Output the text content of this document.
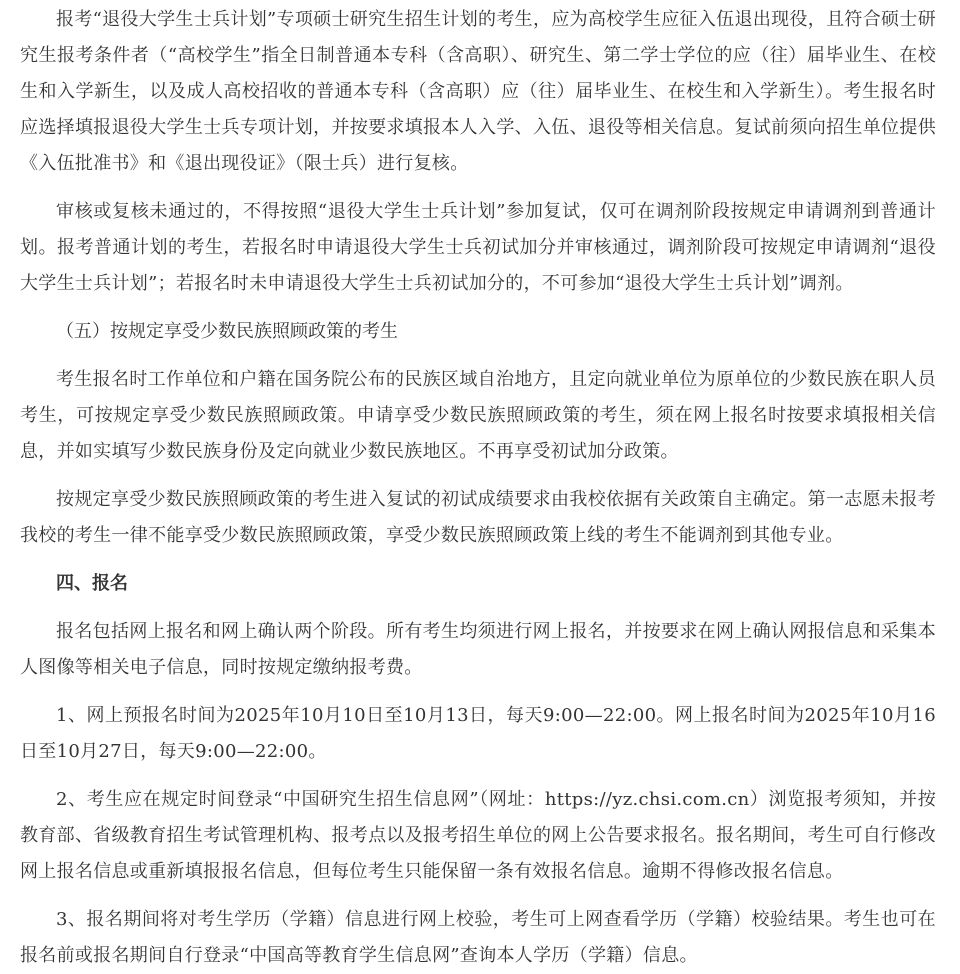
报考“退役大学生士兵计划”专项硕士研究生招生计划的考生，应为高校学生应征入伍退出现役，且符合硕士研究生报考条件者（“高校学生”指全日制普通本专科（含高职）、研究生、第二学士学位的应（往）届毕业生、在校生和入学新生，以及成人高校招收的普通本专科（含高职）应（往）届毕业生、在校生和入学新生）。考生报名时应选择填报退役大学生士兵专项计划，并按要求填报本人入学、入伍、退役等相关信息。复试前须向招生单位提供《入伍批准书》和《退出现役证》（限士兵）进行复核。

审核或复核未通过的，不得按照“退役大学生士兵计划”参加复试，仅可在调剂阶段按规定申请调剂到普通计划。报考普通计划的考生，若报名时申请退役大学生士兵初试加分并审核通过，调剂阶段可按规定申请调剂“退役大学生士兵计划”；若报名时未申请退役大学生士兵初试加分的，不可参加“退役大学生士兵计划”调剂。

（五）按规定享受少数民族照顾政策的考生

考生报名时工作单位和户籍在国务院公布的民族区域自治地方，且定向就业单位为原单位的少数民族在职人员考生，可按规定享受少数民族照顾政策。申请享受少数民族照顾政策的考生，须在网上报名时按要求填报相关信息，并如实填写少数民族身份及定向就业少数民族地区。不再享受初试加分政策。

按规定享受少数民族照顾政策的考生进入复试的初试成绩要求由我校依据有关政策自主确定。第一志愿未报考我校的考生一律不能享受少数民族照顾政策，享受少数民族照顾政策上线的考生不能调剂到其他专业。

四、报名

报名包括网上报名和网上确认两个阶段。所有考生均须进行网上报名，并按要求在网上确认网报信息和采集本人图像等相关电子信息，同时按规定缴纳报考费。

1、网上预报名时间为2025年10月10日至10月13日，每天9:00—22:00。网上报名时间为2025年10月16日至10月27日，每天9:00—22:00。

2、考生应在规定时间登录“中国研究生招生信息网”（网址：https://yz.chsi.com.cn）浏览报考须知，并按教育部、省级教育招生考试管理机构、报考点以及报考招生单位的网上公告要求报名。报名期间，考生可自行修改网上报名信息或重新填报报名信息，但每位考生只能保留一条有效报名信息。逾期不得修改报名信息。

3、报名期间将对考生学历（学籍）信息进行网上校验，考生可上网查看学历（学籍）校验结果。考生也可在报名前或报名期间自行登录“中国高等教育学生信息网”查询本人学历（学籍）信息。
